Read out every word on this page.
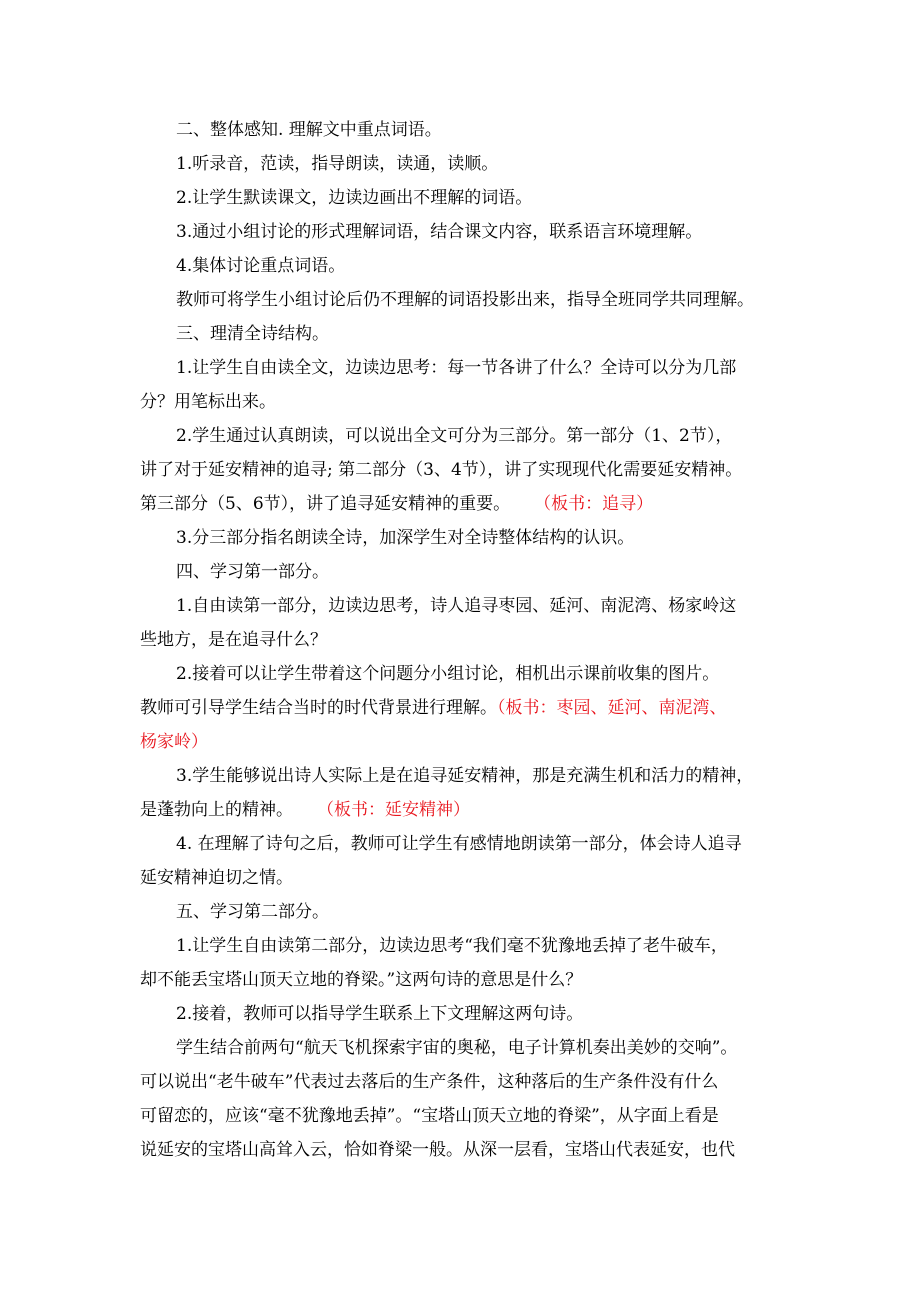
二、整体感知. 理解文中重点词语。
1.听录音，范读，指导朗读，读通，读顺。
2.让学生默读课文，边读边画出不理解的词语。
3.通过小组讨论的形式理解词语，结合课文内容，联系语言环境理解。
4.集体讨论重点词语。
教师可将学生小组讨论后仍不理解的词语投影出来，指导全班同学共同理解。
三、理清全诗结构。
1.让学生自由读全文，边读边思考：每一节各讲了什么？全诗可以分为几部
分？用笔标出来。
2.学生通过认真朗读，可以说出全文可分为三部分。第一部分（1、2节），
讲了对于延安精神的追寻; 第二部分（3、4节），讲了实现现代化需要延安精神。
第三部分（5、6节），讲了追寻延安精神的重要。 （板书：追寻）
3.分三部分指名朗读全诗，加深学生对全诗整体结构的认识。
四、学习第一部分。
1.自由读第一部分，边读边思考，诗人追寻枣园、延河、南泥湾、杨家岭这
些地方，是在追寻什么？
2.接着可以让学生带着这个问题分小组讨论，相机出示课前收集的图片。
教师可引导学生结合当时的时代背景进行理解。（板书：枣园、延河、南泥湾、
杨家岭）
3.学生能够说出诗人实际上是在追寻延安精神，那是充满生机和活力的精神，
是蓬勃向上的精神。 （板书：延安精神）
4. 在理解了诗句之后，教师可让学生有感情地朗读第一部分，体会诗人追寻
延安精神迫切之情。
五、学习第二部分。
1.让学生自由读第二部分，边读边思考“我们毫不犹豫地丢掉了老牛破车，
却不能丢宝塔山顶天立地的脊梁。”这两句诗的意思是什么？
2.接着，教师可以指导学生联系上下文理解这两句诗。
学生结合前两句“航天飞机探索宇宙的奥秘，电子计算机奏出美妙的交响”。
可以说出“老牛破车”代表过去落后的生产条件，这种落后的生产条件没有什么
可留恋的，应该“毫不犹豫地丢掉”。“宝塔山顶天立地的脊梁”，从字面上看是
说延安的宝塔山高耸入云，恰如脊梁一般。从深一层看，宝塔山代表延安，也代
